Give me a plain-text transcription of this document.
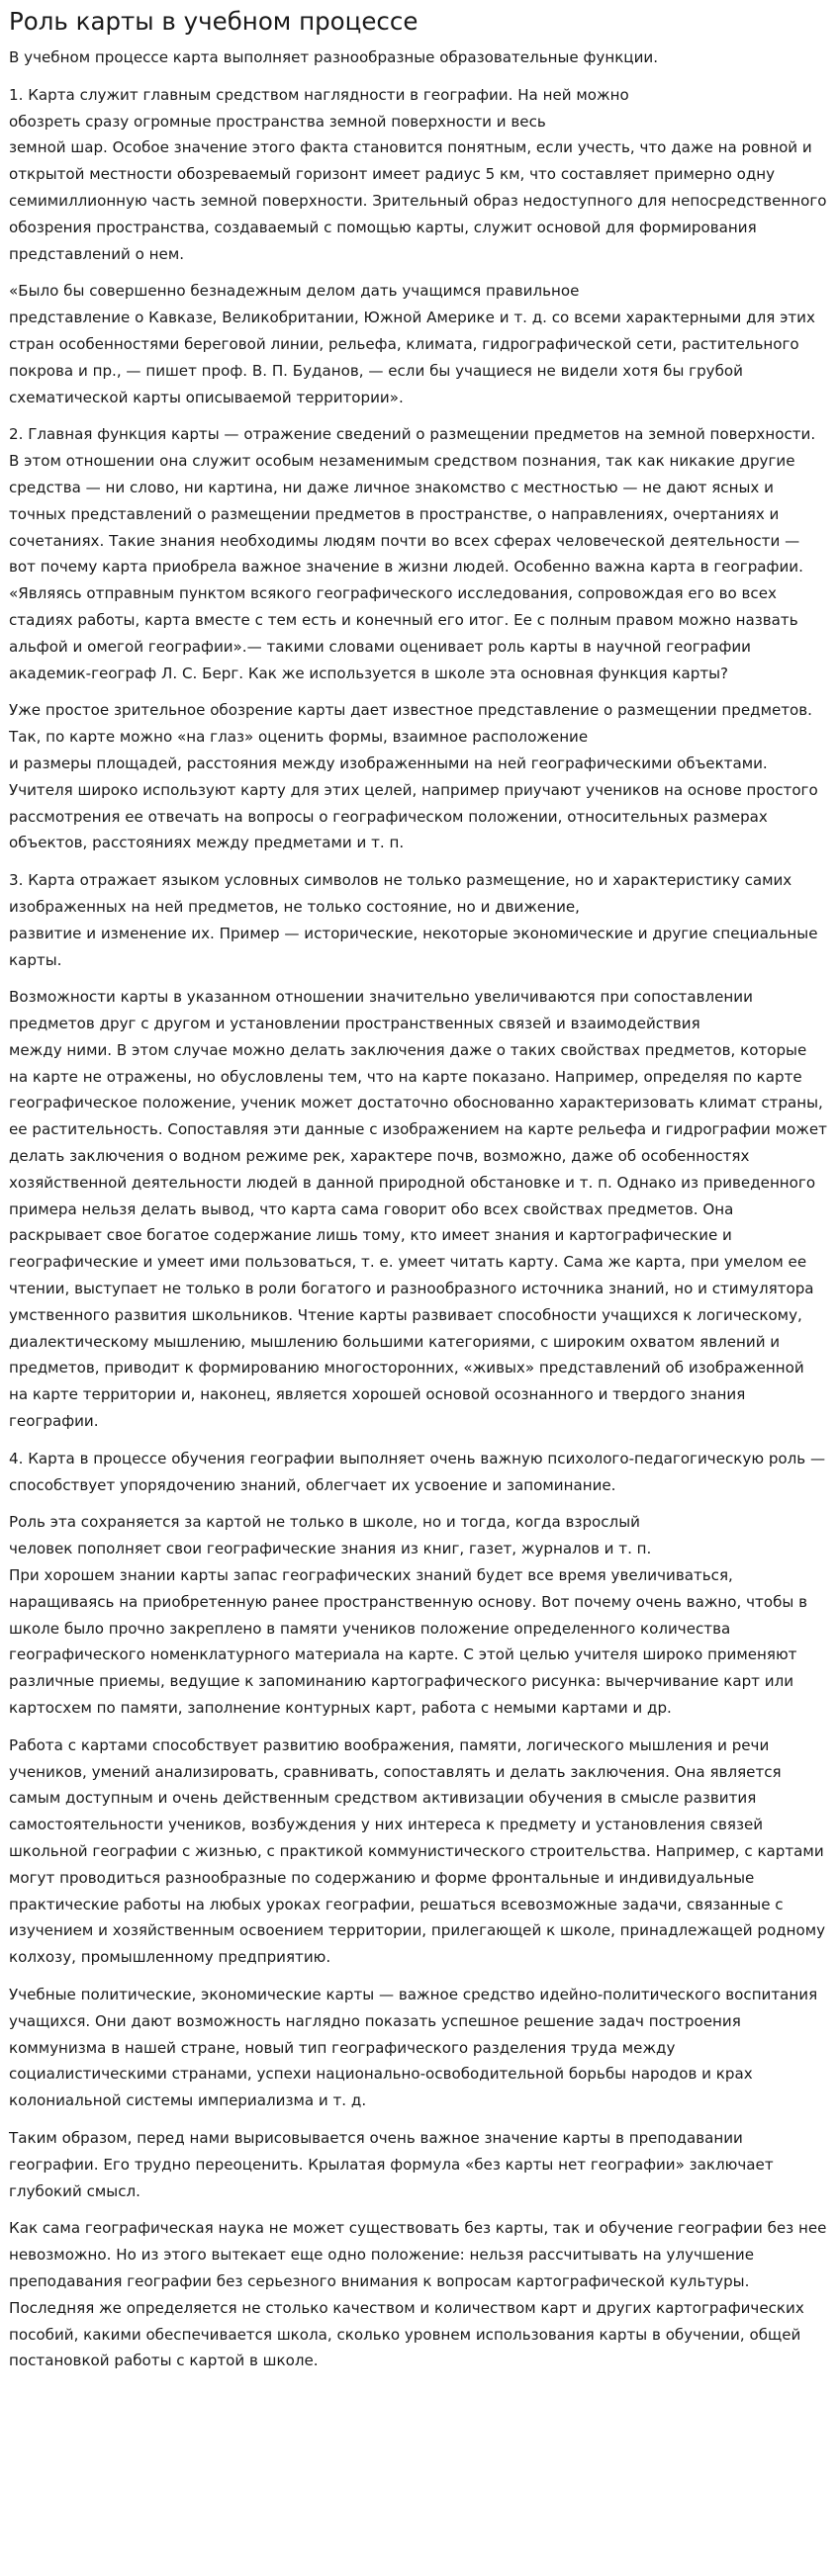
Роль карты в учебном процессе

В учебном процессе карта выполняет разнообразные образовательные функции.

1. Карта служит главным средством наглядности в географии. На ней можно
обозреть сразу огромные пространства земной поверхности и весь
земной шар. Особое значение этого факта становится понятным, если учесть, что даже на ровной и открытой местности обозреваемый горизонт имеет радиус 5 км, что составляет примерно одну семимиллионную часть земной поверхности. Зрительный образ недоступного для непосредственного обозрения пространства, создаваемый с помощью карты, служит основой для формирования представлений о нем.

«Было бы совершенно безнадежным делом дать учащимся правильное
представление о Кавказе, Великобритании, Южной Америке и т. д. со всеми характерными для этих стран особенностями береговой линии, рельефа, климата, гидрографической сети, растительного покрова и пр., — пишет проф. В. П. Буданов, — если бы учащиеся не видели хотя бы грубой схематической карты описываемой территории».

2. Главная функция карты — отражение сведений о размещении предметов на земной поверхности. В этом отношении она служит особым незаменимым средством познания, так как никакие другие средства — ни слово, ни картина, ни даже личное знакомство с местностью — не дают ясных и точных представлений о размещении предметов в пространстве, о направлениях, очертаниях и сочетаниях. Такие знания необходимы людям почти во всех сферах человеческой деятельности — вот почему карта приобрела важное значение в жизни людей. Особенно важна карта в географии. «Являясь отправным пунктом всякого географического исследования, сопровождая его во всех стадиях работы, карта вместе с тем есть и конечный его итог. Ее с полным правом можно назвать альфой и омегой географии».— такими словами оценивает роль карты в научной географии академик-географ Л. С. Берг. Как же используется в школе эта основная функция карты?

Уже простое зрительное обозрение карты дает известное представление о размещении предметов. Так, по карте можно «на глаз» оценить формы, взаимное расположение
и размеры площадей, расстояния между изображенными на ней географическими объектами. Учителя широко используют карту для этих целей, например приучают учеников на основе простого рассмотрения ее отвечать на вопросы о географическом положении, относительных размерах объектов, расстояниях между предметами и т. п.

3. Карта отражает языком условных символов не только размещение, но и характеристику самих изображенных на ней предметов, не только состояние, но и движение,
развитие и изменение их. Пример — исторические, некоторые экономические и другие специальные карты.

Возможности карты в указанном отношении значительно увеличиваются при сопоставлении предметов друг с другом и установлении пространственных связей и взаимодействия
между ними. В этом случае можно делать заключения даже о таких свойствах предметов, которые на карте не отражены, но обусловлены тем, что на карте показано. Например, определяя по карте географическое положение, ученик может достаточно обоснованно характеризовать климат страны, ее растительность. Сопоставляя эти данные с изображением на карте рельефа и гидрографии может делать заключения о водном режиме рек, характере почв, возможно, даже об особенностях хозяйственной деятельности людей в данной природной обстановке и т. п. Однако из приведенного примера нельзя делать вывод, что карта сама говорит обо всех свойствах предметов. Она раскрывает свое богатое содержание лишь тому, кто имеет знания и картографические и географические и умеет ими пользоваться, т. е. умеет читать карту. Сама же карта, при умелом ее чтении, выступает не только в роли богатого и разнообразного источника знаний, но и стимулятора умственного развития школьников. Чтение карты развивает способности учащихся к логическому, диалектическому мышлению, мышлению большими категориями, с широким охватом явлений и предметов, приводит к формированию многосторонних, «живых» представлений об изображенной на карте территории и, наконец, является хорошей основой осознанного и твердого знания географии.

4. Карта в процессе обучения географии выполняет очень важную психолого-педагогическую роль — способствует упорядочению знаний, облегчает их усвоение и запоминание.

Роль эта сохраняется за картой не только в школе, но и тогда, когда взрослый
человек пополняет свои географические знания из книг, газет, журналов и т. п.
При хорошем знании карты запас географических знаний будет все время увеличиваться, наращиваясь на приобретенную ранее пространственную основу. Вот почему очень важно, чтобы в школе было прочно закреплено в памяти учеников положение определенного количества географического номенклатурного материала на карте. С этой целью учителя широко применяют различные приемы, ведущие к запоминанию картографического рисунка: вычерчивание карт или картосхем по памяти, заполнение контурных карт, работа с немыми картами и др.

Работа с картами способствует развитию воображения, памяти, логического мышления и речи учеников, умений анализировать, сравнивать, сопоставлять и делать заключения. Она является самым доступным и очень действенным средством активизации обучения в смысле развития самостоятельности учеников, возбуждения у них интереса к предмету и установления связей школьной географии с жизнью, с практикой коммунистического строительства. Например, с картами могут проводиться разнообразные по содержанию и форме фронтальные и индивидуальные практические работы на любых уроках географии, решаться всевозможные задачи, связанные с изучением и хозяйственным освоением территории, прилегающей к школе, принадлежащей родному колхозу, промышленному предприятию.

Учебные политические, экономические карты — важное средство идейно-политического воспитания учащихся. Они дают возможность наглядно показать успешное решение задач построения коммунизма в нашей стране, новый тип географического разделения труда между социалистическими странами, успехи национально-освободительной борьбы народов и крах колониальной системы империализма и т. д.

Таким образом, перед нами вырисовывается очень важное значение карты в преподавании географии. Его трудно переоценить. Крылатая формула «без карты нет географии» заключает глубокий смысл.

Как сама географическая наука не может существовать без карты, так и обучение географии без нее невозможно. Но из этого вытекает еще одно положение: нельзя рассчитывать на улучшение преподавания географии без серьезного внимания к вопросам картографической культуры. Последняя же определяется не столько качеством и количеством карт и других картографических пособий, какими обеспечивается школа, сколько уровнем использования карты в обучении, общей постановкой работы с картой в школе.
